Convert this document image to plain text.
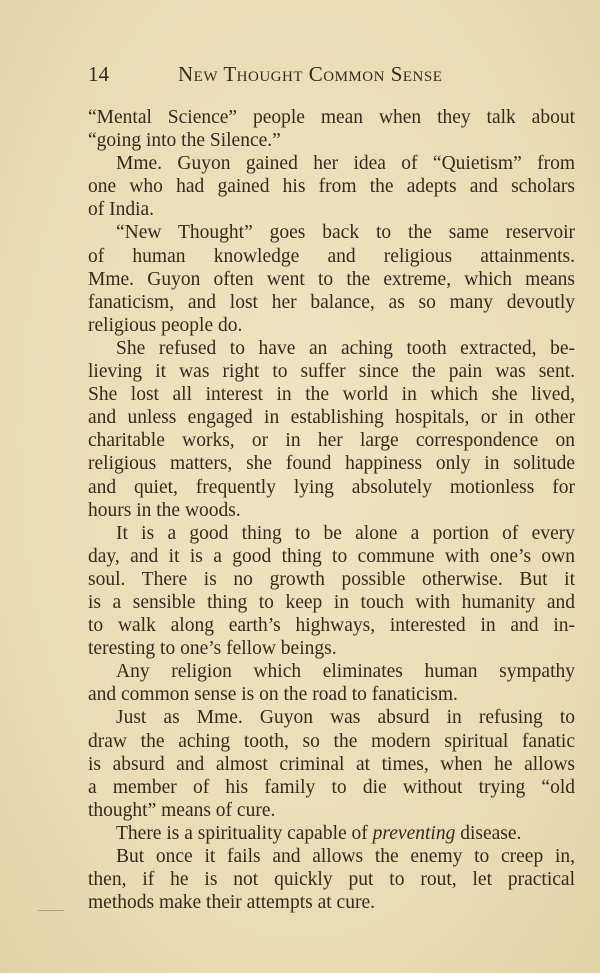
14	New Thought Common Sense
“Mental Science” people mean when they talk about
“going into the Silence.”
Mme. Guyon gained her idea of “Quietism” from
one who had gained his from the adepts and scholars
of India.
“New Thought” goes back to the same reservoir
of human knowledge and religious attainments.
Mme. Guyon often went to the extreme, which means
fanaticism, and lost her balance, as so many devoutly
religious people do.
She refused to have an aching tooth extracted, be-
lieving it was right to suffer since the pain was sent.
She lost all interest in the world in which she lived,
and unless engaged in establishing hospitals, or in other
charitable works, or in her large correspondence on
religious matters, she found happiness only in solitude
and quiet, frequently lying absolutely motionless for
hours in the woods.
It is a good thing to be alone a portion of every
day, and it is a good thing to commune with one’s own
soul. There is no growth possible otherwise. But it
is a sensible thing to keep in touch with humanity and
to walk along earth’s highways, interested in and in-
teresting to one’s fellow beings.
Any religion which eliminates human sympathy
and common sense is on the road to fanaticism.
Just as Mme. Guyon was absurd in refusing to
draw the aching tooth, so the modern spiritual fanatic
is absurd and almost criminal at times, when he allows
a member of his family to die without trying “old
thought” means of cure.
There is a spirituality capable of preventing disease.
But once it fails and allows the enemy to creep in,
then, if he is not quickly put to rout, let practical
methods make their attempts at cure.
